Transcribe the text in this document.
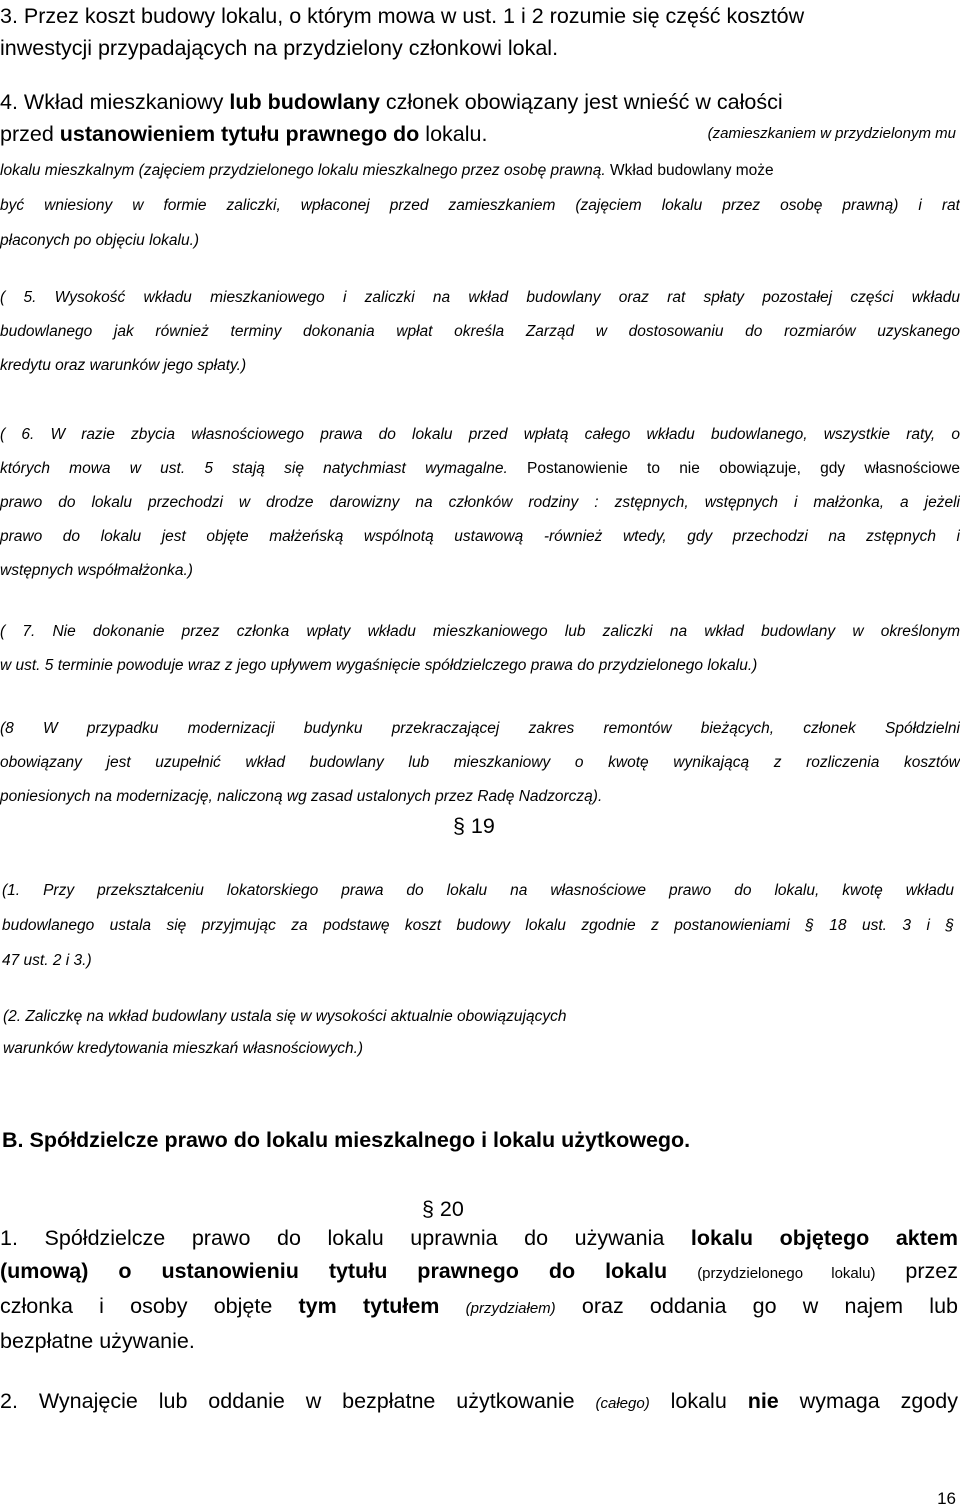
3. Przez koszt budowy lokalu, o którym mowa w ust. 1 i 2 rozumie się część kosztów
inwestycji przypadających na przydzielony członkowi lokal.
4. Wkład mieszkaniowy lub budowlany członek obowiązany jest wnieść w całości
przed ustanowieniem tytułu prawnego do lokalu.	(zamieszkaniem w przydzielonym mu
lokalu mieszkalnym (zajęciem przydzielonego lokalu mieszkalnego przez osobę prawną. Wkład budowlany może
być wniesiony w formie zaliczki, wpłaconej przed zamieszkaniem (zajęciem lokalu przez osobę prawną) i rat
płaconych po objęciu lokalu.)
( 5. Wysokość wkładu mieszkaniowego i zaliczki na wkład budowlany oraz rat spłaty pozostałej części wkładu
budowlanego jak również terminy dokonania wpłat określa Zarząd w dostosowaniu do rozmiarów uzyskanego
kredytu oraz warunków jego spłaty.)
( 6. W razie zbycia własnościowego prawa do lokalu przed wpłatą całego wkładu budowlanego, wszystkie raty, o
których mowa w ust. 5 stają się natychmiast wymagalne. Postanowienie to nie obowiązuje, gdy własnościowe
prawo do lokalu przechodzi w drodze darowizny na członków rodziny : zstępnych, wstępnych i małżonka, a jeżeli
prawo do lokalu jest objęte małżeńską wspólnotą ustawową -również wtedy, gdy przechodzi na zstępnych i
wstępnych współmałżonka.)
( 7. Nie dokonanie przez członka wpłaty wkładu mieszkaniowego lub zaliczki na wkład budowlany w określonym
w ust. 5 terminie powoduje wraz z jego upływem wygaśnięcie spółdzielczego prawa do przydzielonego lokalu.)
(8 W przypadku modernizacji budynku przekraczającej zakres remontów bieżących, członek Spółdzielni
obowiązany jest uzupełnić wkład budowlany lub mieszkaniowy o kwotę wynikającą z rozliczenia kosztów
poniesionych na modernizację, naliczoną wg zasad ustalonych przez Radę Nadzorczą).
§ 19
(1. Przy przekształceniu lokatorskiego prawa do lokalu na własnościowe prawo do lokalu, kwotę wkładu
budowlanego ustala się przyjmując za podstawę koszt budowy lokalu zgodnie z postanowieniami § 18 ust. 3 i §
47 ust. 2 i 3.)
(2. Zaliczkę na wkład budowlany ustala się w wysokości aktualnie obowiązujących
warunków kredytowania mieszkań własnościowych.)
B. Spółdzielcze prawo do lokalu mieszkalnego i lokalu użytkowego.
§ 20
1. Spółdzielcze prawo do lokalu uprawnia do używania lokalu objętego aktem
(umową) o ustanowieniu tytułu prawnego do lokalu (przydzielonego lokalu) przez
członka i osoby objęte tym tytułem (przydziałem) oraz oddania go w najem lub
bezpłatne używanie.
2. Wynajęcie lub oddanie w bezpłatne użytkowanie (całego) lokalu nie wymaga zgody
16
